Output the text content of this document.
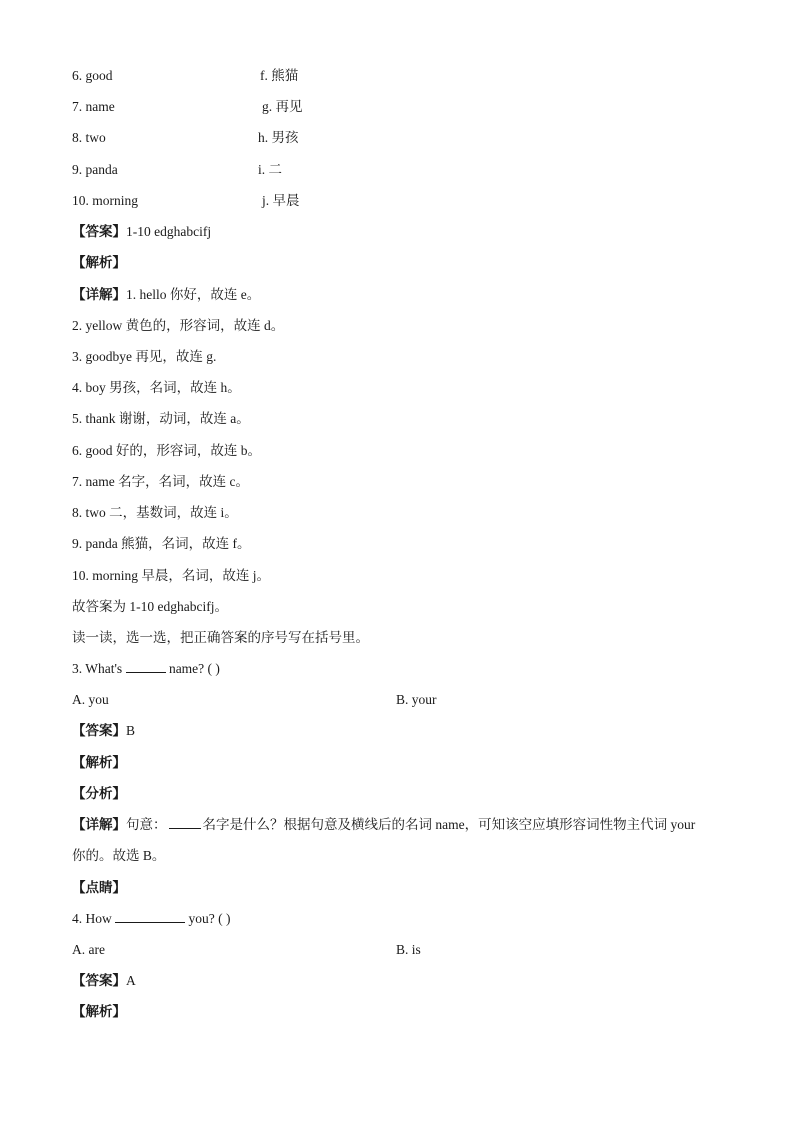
6. good	f. 熊猫
7. name	g. 再见
8. two	h. 男孩
9. panda	i. 二
10. morning	j. 早晨
【答案】1-10 edghabcifj
【解析】
【详解】1. hello 你好，故连 e。
2. yellow 黄色的，形容词，故连 d。
3. goodbye 再见，故连 g.
4. boy 男孩，名词，故连 h。
5. thank 谢谢，动词，故连 a。
6. good 好的，形容词，故连 b。
7. name 名字，名词，故连 c。
8. two 二，基数词，故连 i。
9. panda 熊猫，名词，故连 f。
10. morning 早晨，名词，故连 j。
故答案为 1-10 edghabcifj。
读一读，选一选，把正确答案的序号写在括号里。
3. What's	name? ( )
A. you	B. your
【答案】B
【解析】
【分析】
【详解】句意：	名字是什么？根据句意及横线后的名词 name，可知该空应填形容词性物主代词 your
你的。故选 B。
【点睛】
4. How	you? ( )
A. are	B. is
【答案】A
【解析】
